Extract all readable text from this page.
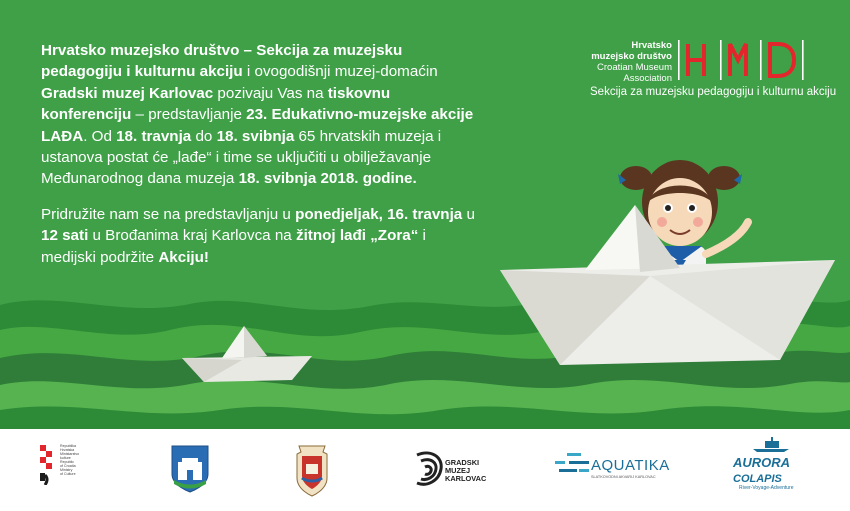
Hrvatsko muzejsko društvo – Sekcija za muzejsku pedagogiju i kulturnu akciju i ovogodišnji muzej-domaćin Gradski muzej Karlovac pozivaju Vas na tiskovnu konferenciju – predstavljanje 23. Edukativno-muzejske akcije LAĐA. Od 18. travnja do 18. svibnja 65 hrvatskih muzeja i ustanova postat će „lađe“ i time se uključiti u obilježavanje Međunarodnog dana muzeja 18. svibnja 2018. godine.

Pridružite nam se na predstavljanju u ponedjeljak, 16. travnja u 12 sati u Brođanima kraj Karlovca na žitnoj lađi „Zora“ i medijski podržite Akciju!

Hrvatsko
muzejsko društvo
Croatian Museum
Association
Sekcija za muzejsku pedagogiju i kulturnu akciju
Republika
Hrvatska
Ministarstvo
kulture
Republic
of Croatia
Ministry
of Culture
GRADSKI
MUZEJ
KARLOVAC
AQUATIKA
SLATKOVODNI AKVARIJ KARLOVAC
AURORA COLAPIS
River-Voyage-Adventure
